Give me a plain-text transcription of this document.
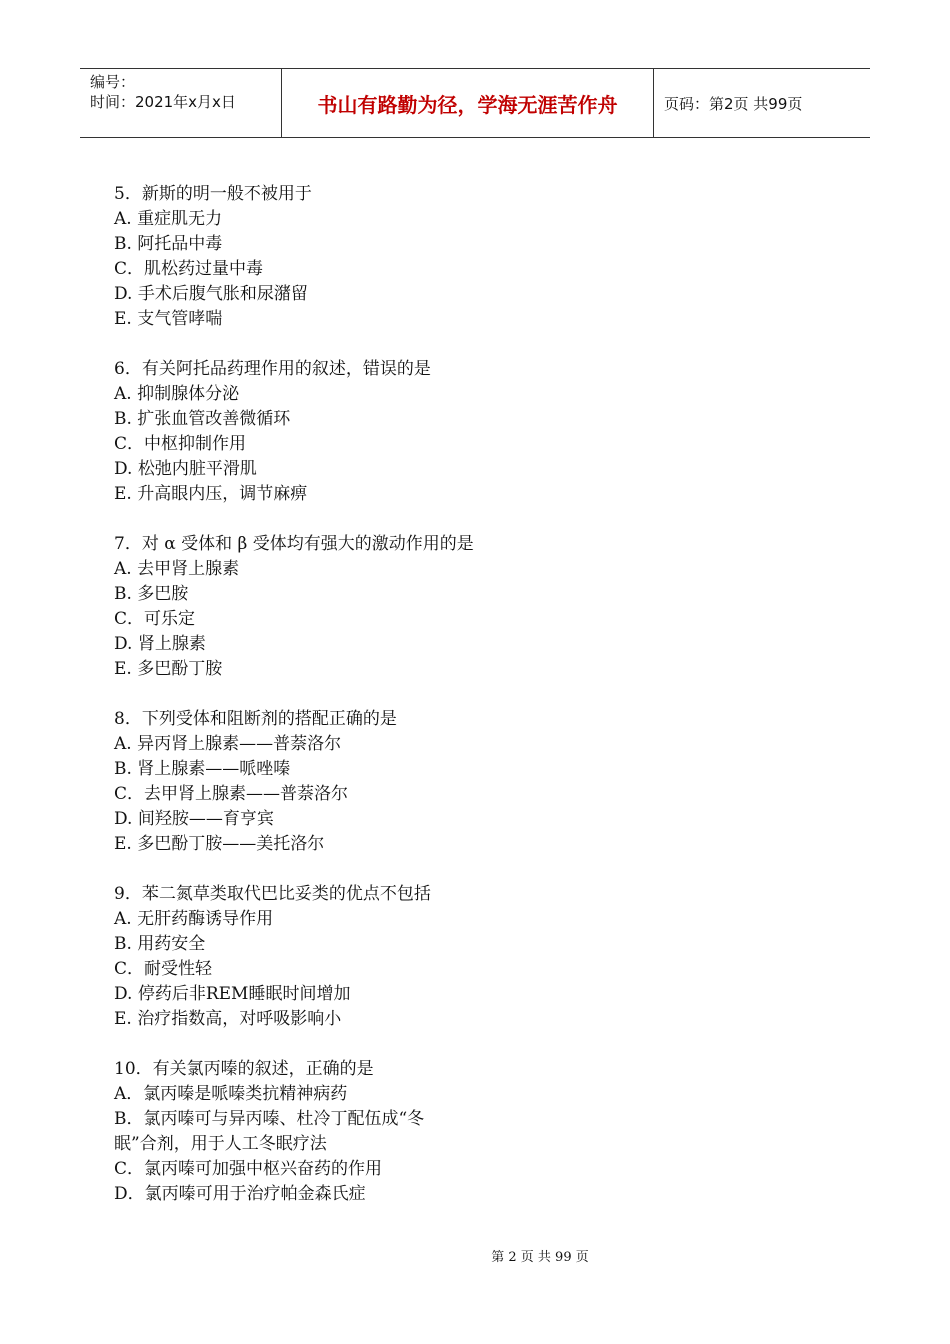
编号：
时间：2021年x月x日	书山有路勤为径，学海无涯苦作舟	页码：第2页 共99页
5．新斯的明一般不被用于
A. 重症肌无力
B. 阿托品中毒
C．肌松药过量中毒
D. 手术后腹气胀和尿潴留
E. 支气管哮喘
6．有关阿托品药理作用的叙述，错误的是
A. 抑制腺体分泌
B. 扩张血管改善微循环
C．中枢抑制作用
D. 松弛内脏平滑肌
E. 升高眼内压，调节麻痹
7．对 α 受体和 β 受体均有强大的激动作用的是
A. 去甲肾上腺素
B. 多巴胺
C．可乐定
D. 肾上腺素
E. 多巴酚丁胺
8．下列受体和阻断剂的搭配正确的是
A. 异丙肾上腺素——普萘洛尔
B. 肾上腺素——哌唑嗪
C．去甲肾上腺素——普萘洛尔
D. 间羟胺——育亨宾
E. 多巴酚丁胺——美托洛尔
9．苯二氮草类取代巴比妥类的优点不包括
A. 无肝药酶诱导作用
B. 用药安全
C．耐受性轻
D. 停药后非REM睡眠时间增加
E. 治疗指数高，对呼吸影响小
10．有关氯丙嗪的叙述，正确的是
A．氯丙嗪是哌嗪类抗精神病药
B．氯丙嗪可与异丙嗪、杜冷丁配伍成“冬
眠”合剂，用于人工冬眠疗法
C．氯丙嗪可加强中枢兴奋药的作用
D．氯丙嗪可用于治疗帕金森氏症
第 2 页 共 99 页
